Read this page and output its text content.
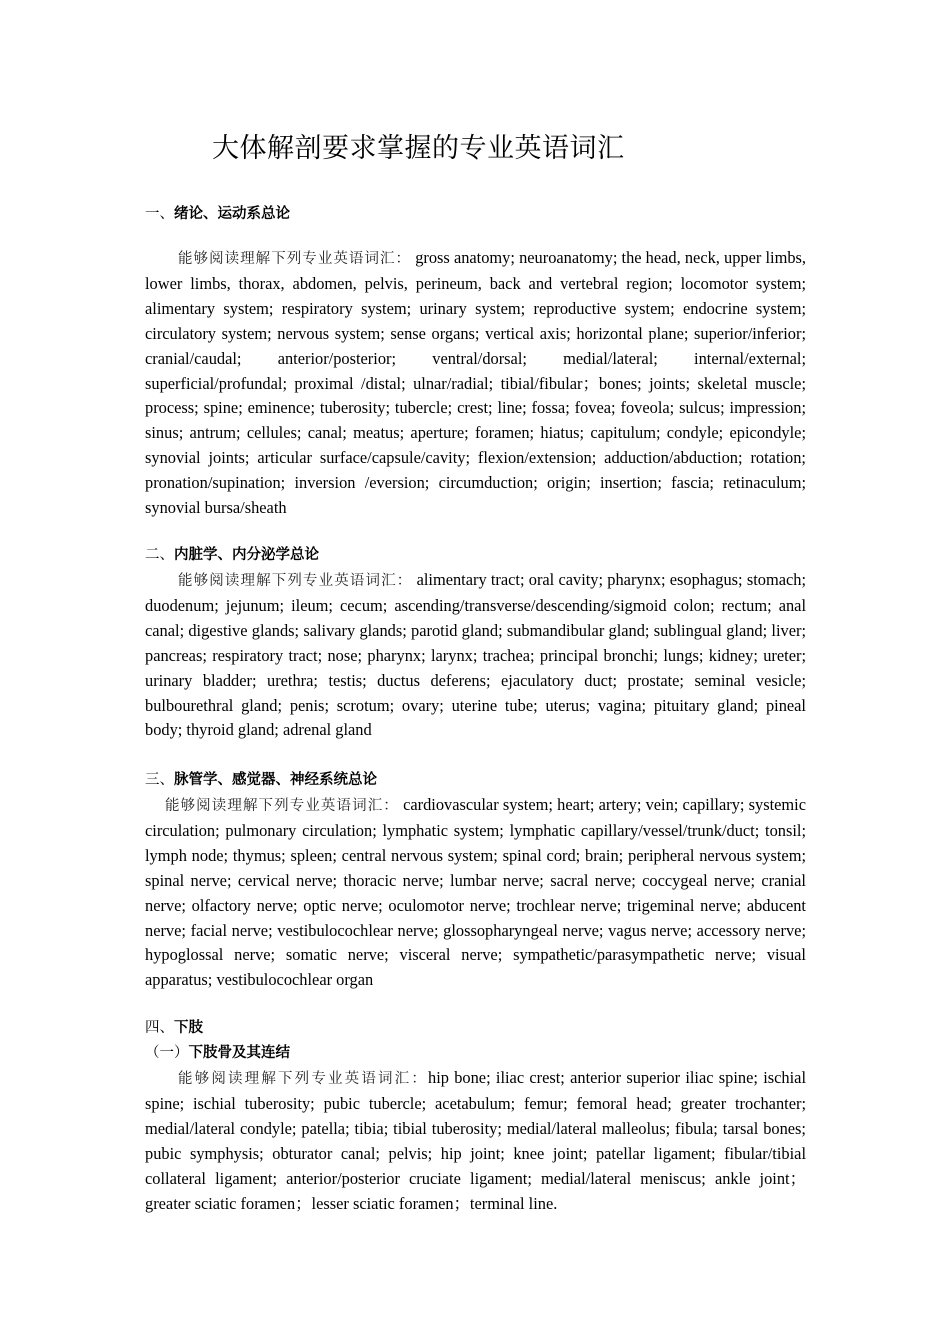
大体解剖要求掌握的专业英语词汇
一、绪论、运动系总论
能够阅读理解下列专业英语词汇： gross anatomy; neuroanatomy; the head, neck, upper limbs, lower limbs, thorax, abdomen, pelvis, perineum, back and vertebral region; locomotor system; alimentary system; respiratory system; urinary system; reproductive system; endocrine system; circulatory system; nervous system; sense organs; vertical axis; horizontal plane; superior/inferior; cranial/caudal; anterior/posterior; ventral/dorsal; medial/lateral; internal/external; superficial/profundal; proximal /distal; ulnar/radial; tibial/fibular；bones; joints; skeletal muscle; process; spine; eminence; tuberosity; tubercle; crest; line; fossa; fovea; foveola; sulcus; impression; sinus; antrum; cellules; canal; meatus; aperture; foramen; hiatus; capitulum; condyle; epicondyle; synovial joints; articular surface/capsule/cavity; flexion/extension; adduction/abduction; rotation; pronation/supination; inversion /eversion; circumduction; origin; insertion; fascia; retinaculum; synovial bursa/sheath
二、内脏学、内分泌学总论
能够阅读理解下列专业英语词汇： alimentary tract; oral cavity; pharynx; esophagus; stomach; duodenum; jejunum; ileum; cecum; ascending/transverse/descending/sigmoid colon; rectum; anal canal; digestive glands; salivary glands; parotid gland; submandibular gland; sublingual gland; liver; pancreas; respiratory tract; nose; pharynx; larynx; trachea; principal bronchi; lungs; kidney; ureter; urinary bladder; urethra; testis; ductus deferens; ejaculatory duct; prostate; seminal vesicle; bulbourethral gland; penis; scrotum; ovary; uterine tube; uterus; vagina; pituitary gland; pineal body; thyroid gland; adrenal gland
三、脉管学、感觉器、神经系统总论
能够阅读理解下列专业英语词汇： cardiovascular system; heart; artery; vein; capillary; systemic circulation; pulmonary circulation; lymphatic system; lymphatic capillary/vessel/trunk/duct; tonsil; lymph node; thymus; spleen; central nervous system; spinal cord; brain; peripheral nervous system; spinal nerve; cervical nerve; thoracic nerve; lumbar nerve; sacral nerve; coccygeal nerve; cranial nerve; olfactory nerve; optic nerve; oculomotor nerve; trochlear nerve; trigeminal nerve; abducent nerve; facial nerve; vestibulocochlear nerve; glossopharyngeal nerve; vagus nerve; accessory nerve; hypoglossal nerve; somatic nerve; visceral nerve; sympathetic/parasympathetic nerve; visual apparatus; vestibulocochlear organ
四、下肢
（一）下肢骨及其连结
能够阅读理解下列专业英语词汇：hip bone; iliac crest; anterior superior iliac spine; ischial spine; ischial tuberosity; pubic tubercle; acetabulum; femur; femoral head; greater trochanter; medial/lateral condyle; patella; tibia; tibial tuberosity; medial/lateral malleolus; fibula; tarsal bones; pubic symphysis; obturator canal; pelvis; hip joint; knee joint; patellar ligament; fibular/tibial collateral ligament; anterior/posterior cruciate ligament; medial/lateral meniscus; ankle joint；greater sciatic foramen；lesser sciatic foramen；terminal line.
